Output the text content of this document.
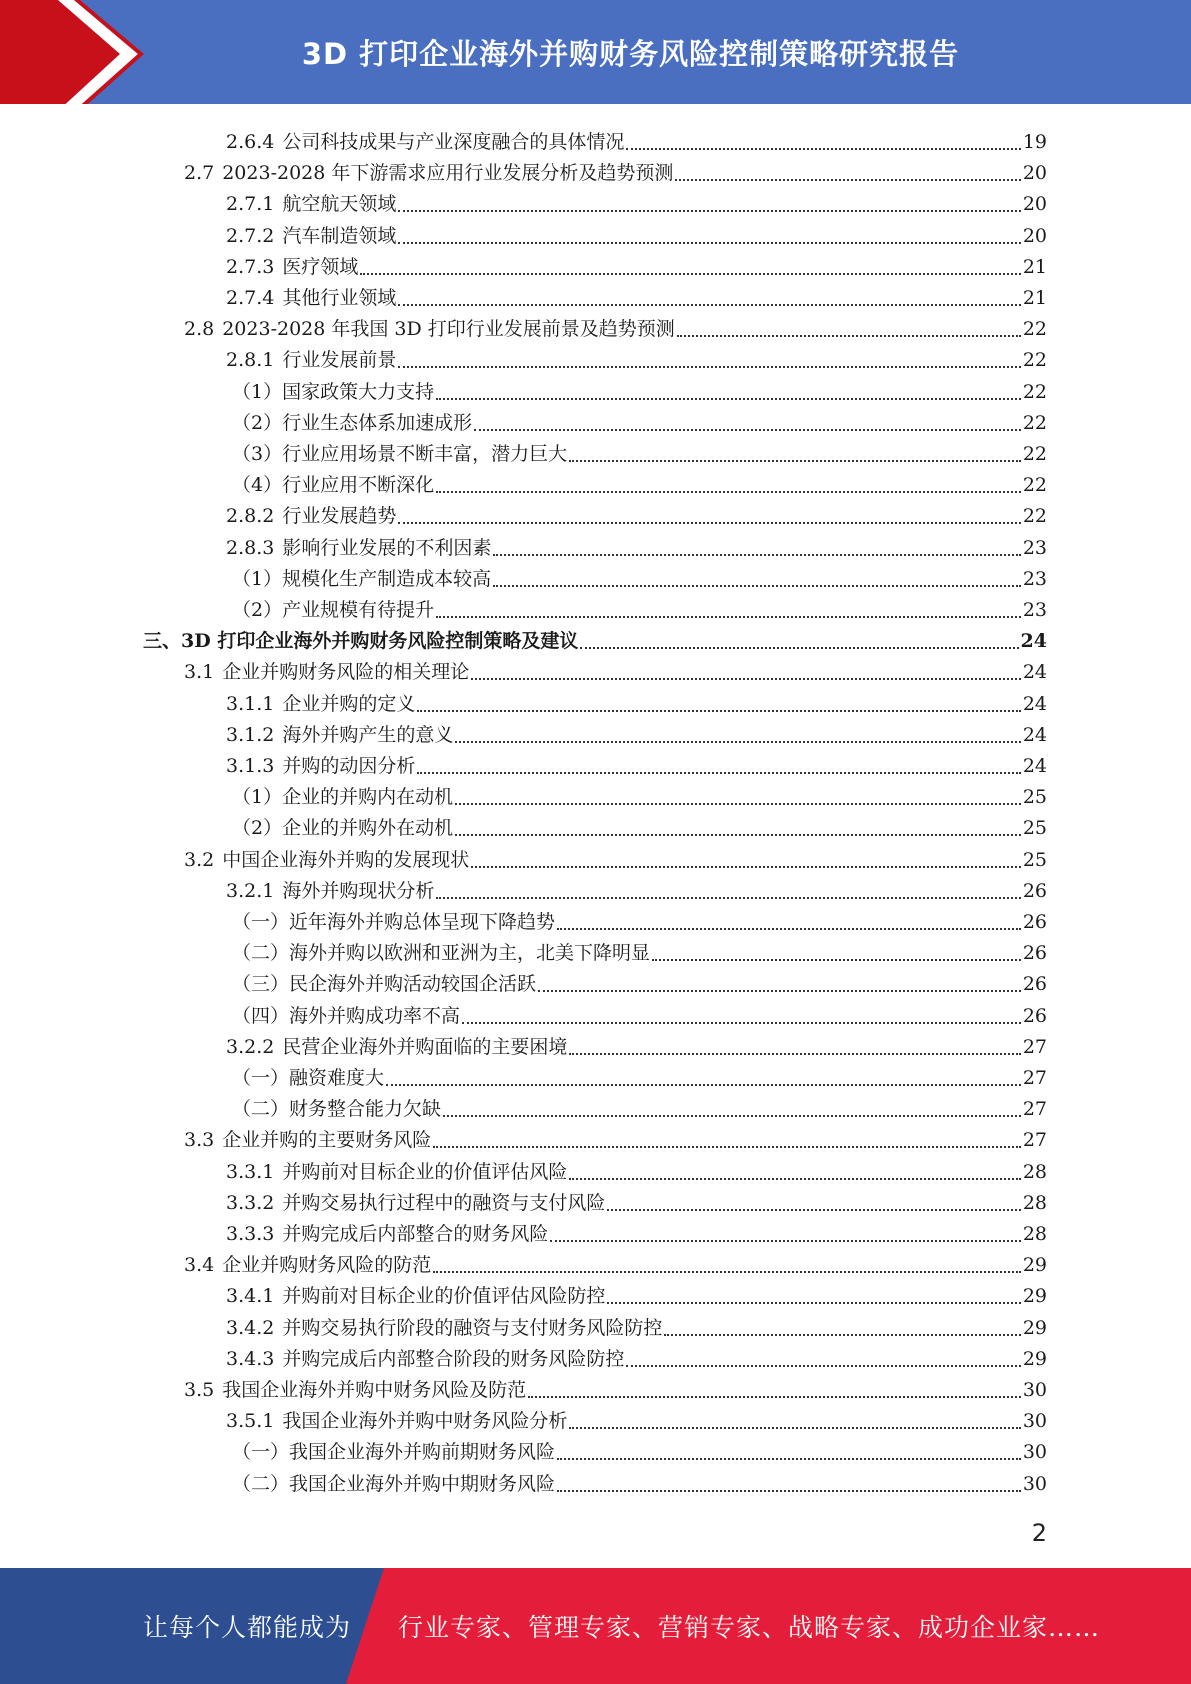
3D 打印企业海外并购财务风险控制策略研究报告
2.6.4 公司科技成果与产业深度融合的具体情况	19
2.7 2023-2028 年下游需求应用行业发展分析及趋势预测	20
2.7.1 航空航天领域	20
2.7.2 汽车制造领域	20
2.7.3 医疗领域	21
2.7.4 其他行业领域	21
2.8 2023-2028 年我国 3D 打印行业发展前景及趋势预测	22
2.8.1 行业发展前景	22
（1）国家政策大力支持	22
（2）行业生态体系加速成形	22
（3）行业应用场景不断丰富，潜力巨大	22
（4）行业应用不断深化	22
2.8.2 行业发展趋势	22
2.8.3 影响行业发展的不利因素	23
（1）规模化生产制造成本较高	23
（2）产业规模有待提升	23
三、3D 打印企业海外并购财务风险控制策略及建议	24
3.1 企业并购财务风险的相关理论	24
3.1.1 企业并购的定义	24
3.1.2 海外并购产生的意义	24
3.1.3 并购的动因分析	24
（1）企业的并购内在动机	25
（2）企业的并购外在动机	25
3.2 中国企业海外并购的发展现状	25
3.2.1 海外并购现状分析	26
（一）近年海外并购总体呈现下降趋势	26
（二）海外并购以欧洲和亚洲为主，北美下降明显	26
（三）民企海外并购活动较国企活跃	26
（四）海外并购成功率不高	26
3.2.2 民营企业海外并购面临的主要困境	27
（一）融资难度大	27
（二）财务整合能力欠缺	27
3.3 企业并购的主要财务风险	27
3.3.1 并购前对目标企业的价值评估风险	28
3.3.2 并购交易执行过程中的融资与支付风险	28
3.3.3 并购完成后内部整合的财务风险	28
3.4 企业并购财务风险的防范	29
3.4.1 并购前对目标企业的价值评估风险防控	29
3.4.2 并购交易执行阶段的融资与支付财务风险防控	29
3.4.3 并购完成后内部整合阶段的财务风险防控	29
3.5 我国企业海外并购中财务风险及防范	30
3.5.1 我国企业海外并购中财务风险分析	30
（一）我国企业海外并购前期财务风险	30
（二）我国企业海外并购中期财务风险	30
2
让每个人都能成为 行业专家、管理专家、营销专家、战略专家、成功企业家……
